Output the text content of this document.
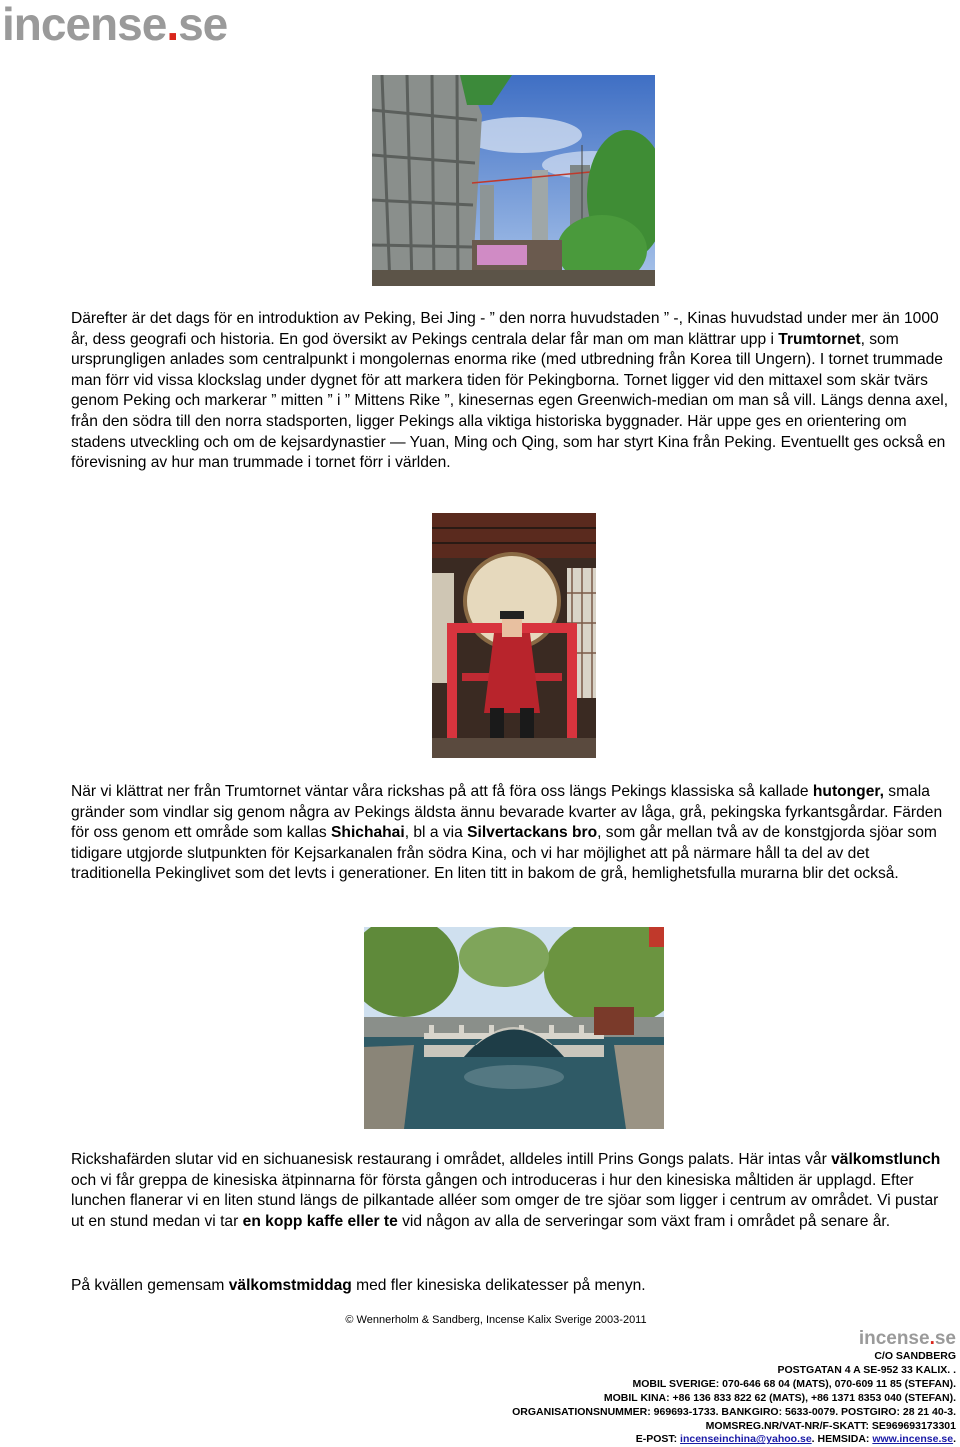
incense.se
Därefter är det dags för en introduktion av Peking, Bei Jing - ” den norra huvudstaden ” -, Kinas huvudstad under mer än 1000 år, dess geografi och historia. En god översikt av Pekings centrala delar får man om man klättrar upp i Trumtornet, som ursprungligen anlades som centralpunkt i mongolernas enorma rike (med utbredning från Korea till Ungern). I tornet trummade man förr vid vissa klockslag under dygnet för att markera tiden för Pekingborna. Tornet ligger vid den mittaxel som skär tvärs genom Peking och markerar ” mitten ” i ” Mittens Rike ”, kinesernas egen Greenwich-median om man så vill. Längs denna axel, från den södra till den norra stadsporten, ligger Pekings alla viktiga historiska byggnader. Här uppe ges en orientering om stadens utveckling och om de kejsardynastier — Yuan, Ming och Qing, som har styrt Kina från Peking. Eventuellt ges också en förevisning av hur man trummade i tornet förr i världen.
När vi klättrat ner från Trumtornet väntar våra rickshas på att få föra oss längs Pekings klassiska så kallade hutonger, smala gränder som vindlar sig genom några av Pekings äldsta ännu bevarade kvarter av låga, grå, pekingska fyrkantsgårdar. Färden för oss genom ett område som kallas Shichahai, bl a via Silvertackans bro, som går mellan två av de konstgjorda sjöar som tidigare utgjorde slutpunkten för Kejsarkanalen från södra Kina, och vi har möjlighet att på närmare håll ta del av det traditionella Pekinglivet som det levts i generationer. En liten titt in bakom de grå, hemlighetsfulla murarna blir det också.
Rickshafärden slutar vid en sichuanesisk restaurang i området, alldeles intill Prins Gongs palats. Här intas vår välkomstlunch och vi får greppa de kinesiska ätpinnarna för första gången och introduceras i hur den kinesiska måltiden är upplagd. Efter lunchen flanerar vi en liten stund längs de pilkantade alléer som omger de tre sjöar som ligger i centrum av området. Vi pustar ut en stund medan vi tar en kopp kaffe eller te vid någon av alla de serveringar som växt fram i området på senare år.
På kvällen gemensam välkomstmiddag med fler kinesiska delikatesser på menyn.
© Wennerholm & Sandberg, Incense Kalix Sverige 2003-2011
incense.se
C/O SANDBERG
POSTGATAN 4 A SE-952 33 KALIX. .
MOBIL SVERIGE: 070-646 68 04 (MATS), 070-609 11 85 (STEFAN).
MOBIL KINA: +86 136 833 822 62 (MATS), +86 1371 8353 040 (STEFAN).
ORGANISATIONSNUMMER: 969693-1733. BANKGIRO: 5633-0079. POSTGIRO: 28 21 40-3.
MOMSREG.NR/VAT-NR/F-SKATT: SE969693173301
E-POST: incenseinchina@yahoo.se. HEMSIDA: www.incense.se.
